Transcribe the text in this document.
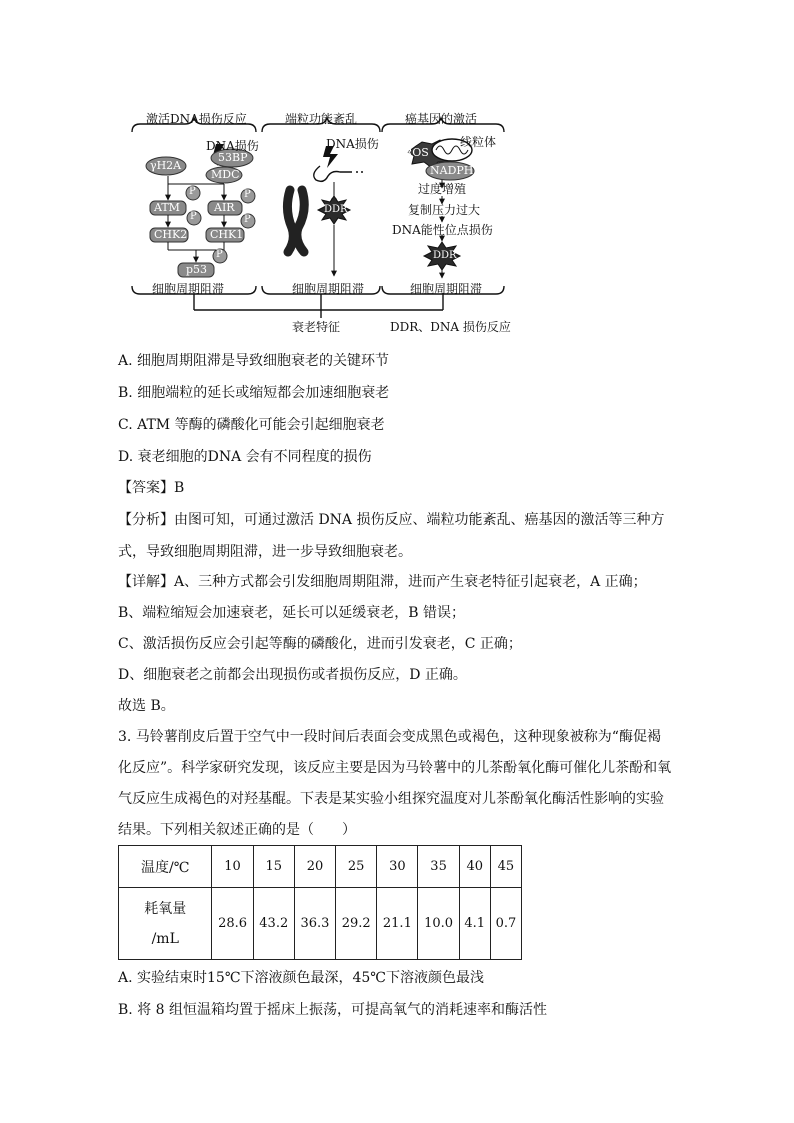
激活DNA损伤反应	端粒功能紊乱	癌基因的激活
DNA损伤
γH2A
53BP
MDC
P	P
ATM	AIR
P	P
CHK2 CHK1
P
p53
DNA损伤
DDR
ROS
线粒体
NADPH
过度增殖
复制压力过大
DNA能性位点损伤
DDR
细胞周期阻滞	细胞周期阻滞	细胞周期阻滞
衰老特征	DDR、DNA 损伤反应
A. 细胞周期阻滞是导致细胞衰老的关键环节
B. 细胞端粒的延长或缩短都会加速细胞衰老
C. ATM 等酶的磷酸化可能会引起细胞衰老
D. 衰老细胞的DNA 会有不同程度的损伤
【答案】B
【分析】由图可知，可通过激活 DNA 损伤反应、端粒功能紊乱、癌基因的激活等三种方
式，导致细胞周期阻滞，进一步导致细胞衰老。
【详解】A、三种方式都会引发细胞周期阻滞，进而产生衰老特征引起衰老，A 正确；
B、端粒缩短会加速衰老，延长可以延缓衰老，B 错误；
C、激活损伤反应会引起等酶的磷酸化，进而引发衰老，C 正确；
D、细胞衰老之前都会出现损伤或者损伤反应，D 正确。
故选 B。
3. 马铃薯削皮后置于空气中一段时间后表面会变成黑色或褐色，这种现象被称为“酶促褐
化反应”。科学家研究发现，该反应主要是因为马铃薯中的儿茶酚氧化酶可催化儿茶酚和氧
气反应生成褐色的对羟基醌。下表是某实验小组探究温度对儿茶酚氧化酶活性影响的实验
结果。下列相关叙述正确的是（　　）
温度/℃	10	15	20	25	30	35	40	45

耗氧量
/mL	28.6	43.2	36.3	29.2	21.1	10.0	4.1	0.7
A. 实验结束时15℃下溶液颜色最深，45℃下溶液颜色最浅
B. 将 8 组恒温箱均置于摇床上振荡，可提高氧气的消耗速率和酶活性
